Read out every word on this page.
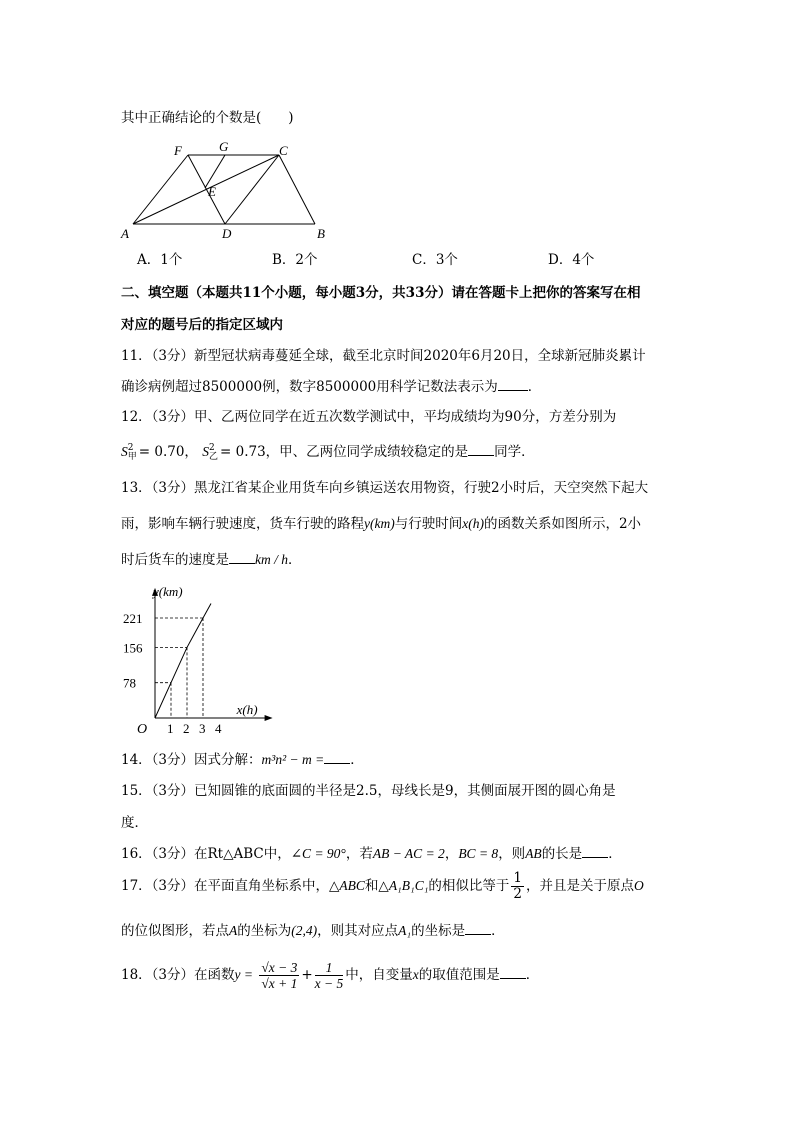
其中正确结论的个数是(　　)
F	G	C
E
A	D	B
A．1个	B．2个	C．3个	D．4个
二、填空题（本题共11个小题，每小题3分，共33分）请在答题卡上把你的答案写在相
对应的题号后的指定区域内
11．（3分）新型冠状病毒蔓延全球，截至北京时间2020年6月20日，全球新冠肺炎累计
确诊病例超过8500000例，数字8500000用科学记数法表示为 ．
12．（3分）甲、乙两位同学在近五次数学测试中，平均成绩均为90分，方差分别为
S 2
甲 = 0.70， S 2
乙 = 0.73，甲、乙两位同学成绩较稳定的是 同学．
13．（3分）黑龙江省某企业用货车向乡镇运送农用物资，行驶2小时后，天空突然下起大
雨，影响车辆行驶速度，货车行驶的路程y(km)与行驶时间x(h)的函数关系如图所示，2小
时后货车的速度是 km / h．
1 2 3 4
78
156
221
O
x(h)
y(km)
14．（3分）因式分解：m³n² − m = ．
15．（3分）已知圆锥的底面圆的半径是2.5，母线长是9，其侧面展开图的圆心角是
度．
16．（3分）在Rt△ABC中，∠C = 90°，若AB − AC = 2，BC = 8，则AB的长是 ．
17．（3分）在平面直角坐标系中，△ABC和△A₁B₁C₁的相似比等于 $\frac{1}{2}$ ，并且是关于原点O
的位似图形，若点A的坐标为(2,4)，则其对应点A₁的坐标是 ．
18．（3分）在函数$y = \frac{√x - 3}{√x + 1} + \frac{1}{x - 5}$ 中，自变量x的取值范围是 ．
